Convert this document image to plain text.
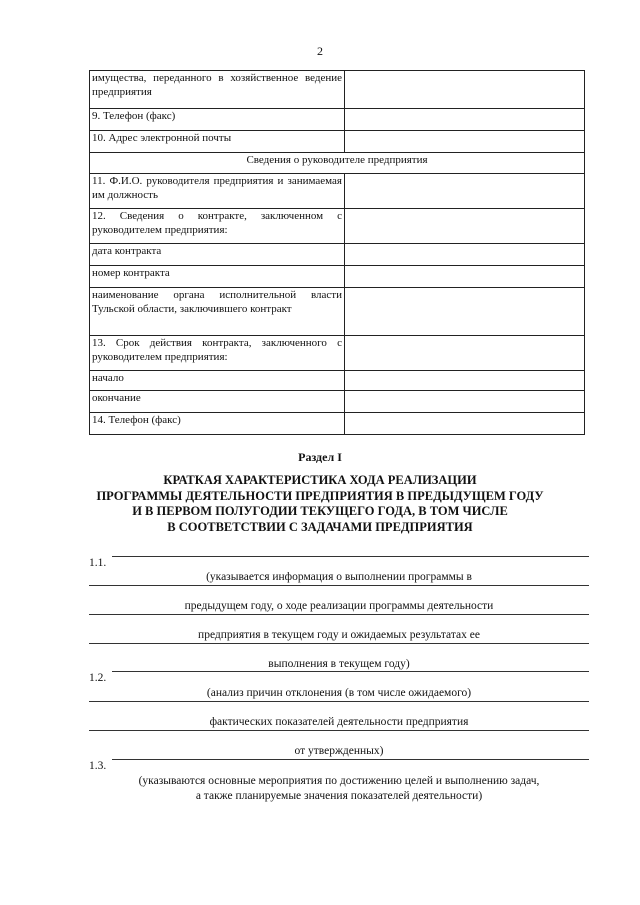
2
имущества, переданного в хозяйственное ведение предприятия	
9. Телефон (факс)	
10. Адрес электронной почты	
Сведения о руководителе предприятия	
11. Ф.И.О. руководителя предприятия и занимаемая им должность	
12. Сведения о контракте, заключенном с руководителем предприятия:	
дата контракта	
номер контракта	
наименование органа исполнительной власти Тульской области, заключившего контракт	
13. Срок действия контракта, заключенного с руководителем предприятия:	
начало	
окончание	
14. Телефон (факс)	
Раздел I
КРАТКАЯ ХАРАКТЕРИСТИКА ХОДА РЕАЛИЗАЦИИ
ПРОГРАММЫ ДЕЯТЕЛЬНОСТИ ПРЕДПРИЯТИЯ В ПРЕДЫДУЩЕМ ГОДУ
И В ПЕРВОМ ПОЛУГОДИИ ТЕКУЩЕГО ГОДА, В ТОМ ЧИСЛЕ
В СООТВЕТСТВИИ С ЗАДАЧАМИ ПРЕДПРИЯТИЯ
1.1.
(указывается информация о выполнении программы в
предыдущем году, о ходе реализации программы деятельности
предприятия в текущем году и ожидаемых результатах ее
выполнения в текущем году)
1.2.
(анализ причин отклонения (в том числе ожидаемого)
фактических показателей деятельности предприятия
от утвержденных)
1.3.
(указываются основные мероприятия по достижению целей и выполнению задач,
а также планируемые значения показателей деятельности)
